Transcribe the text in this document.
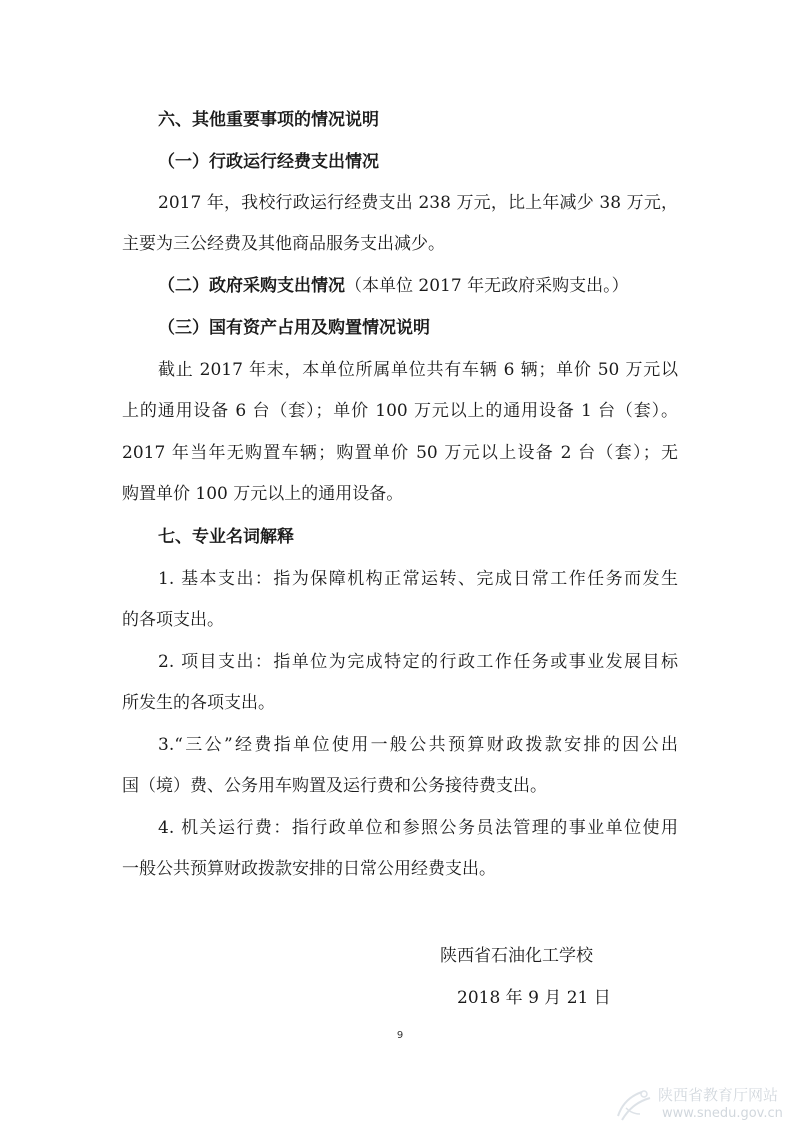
六、其他重要事项的情况说明
（一）行政运行经费支出情况
2017 年，我校行政运行经费支出 238 万元，比上年减少 38 万元，
主要为三公经费及其他商品服务支出减少。
（二）政府采购支出情况（本单位 2017 年无政府采购支出。）
（三）国有资产占用及购置情况说明
截止 2017 年末，本单位所属单位共有车辆 6 辆；单价 50 万元以
上的通用设备 6 台（套）；单价 100 万元以上的通用设备 1 台（套）。
2017 年当年无购置车辆；购置单价 50 万元以上设备 2 台（套）；无
购置单价 100 万元以上的通用设备。
七、专业名词解释
1. 基本支出：指为保障机构正常运转、完成日常工作任务而发生
的各项支出。
2. 项目支出：指单位为完成特定的行政工作任务或事业发展目标
所发生的各项支出。
3.“三公”经费指单位使用一般公共预算财政拨款安排的因公出
国（境）费、公务用车购置及运行费和公务接待费支出。
4. 机关运行费：指行政单位和参照公务员法管理的事业单位使用
一般公共预算财政拨款安排的日常公用经费支出。
陕西省石油化工学校
2018 年 9 月 21 日
9
陕西省教育厅网站
www.snedu.gov.cn
